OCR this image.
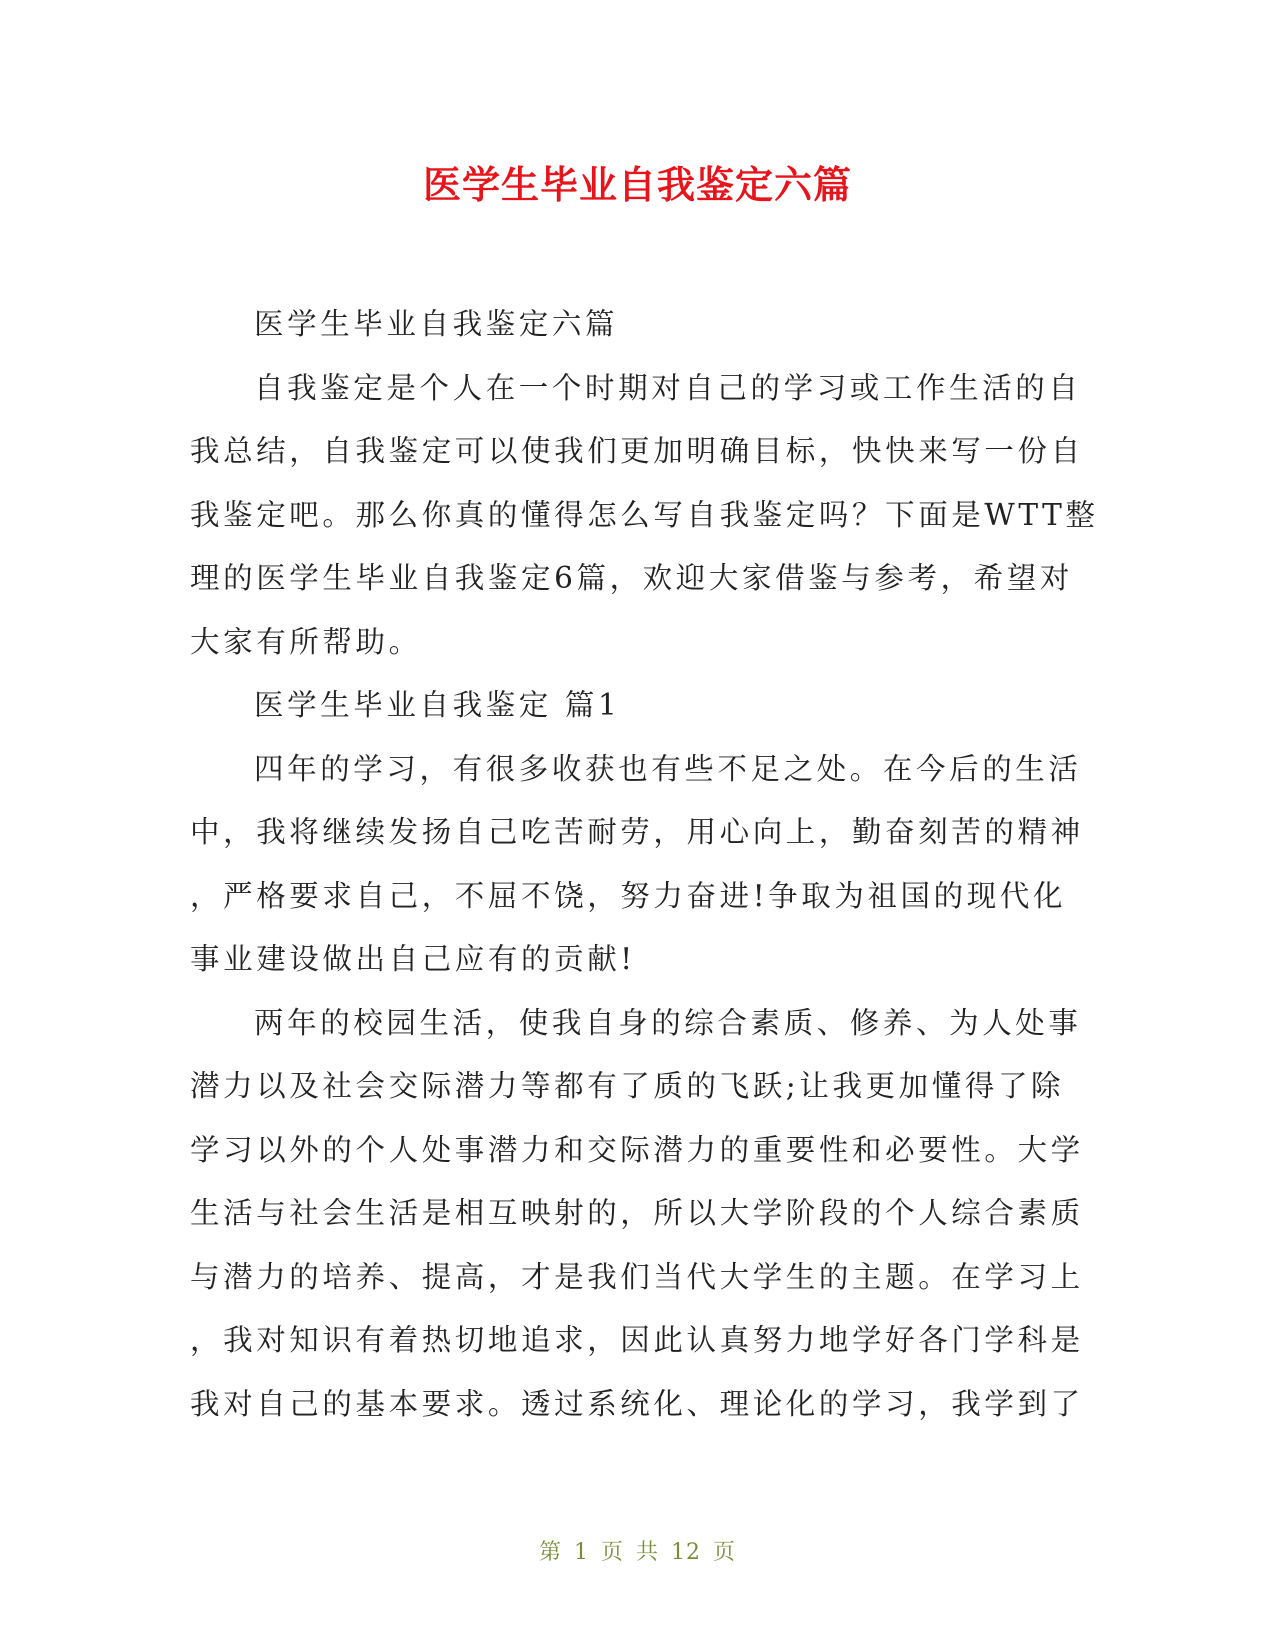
医学生毕业自我鉴定六篇
医学生毕业自我鉴定六篇
自我鉴定是个人在一个时期对自己的学习或工作生活的自
我总结，自我鉴定可以使我们更加明确目标，快快来写一份自
我鉴定吧。那么你真的懂得怎么写自我鉴定吗？下面是WTT整
理的医学生毕业自我鉴定6篇，欢迎大家借鉴与参考，希望对
大家有所帮助。
医学生毕业自我鉴定 篇1
四年的学习，有很多收获也有些不足之处。在今后的生活
中，我将继续发扬自己吃苦耐劳，用心向上，勤奋刻苦的精神
，严格要求自己，不屈不饶，努力奋进!争取为祖国的现代化
事业建设做出自己应有的贡献!
两年的校园生活，使我自身的综合素质、修养、为人处事
潜力以及社会交际潜力等都有了质的飞跃;让我更加懂得了除
学习以外的个人处事潜力和交际潜力的重要性和必要性。大学
生活与社会生活是相互映射的，所以大学阶段的个人综合素质
与潜力的培养、提高，才是我们当代大学生的主题。在学习上
，我对知识有着热切地追求，因此认真努力地学好各门学科是
我对自己的基本要求。透过系统化、理论化的学习，我学到了
第 1 页 共 12 页
